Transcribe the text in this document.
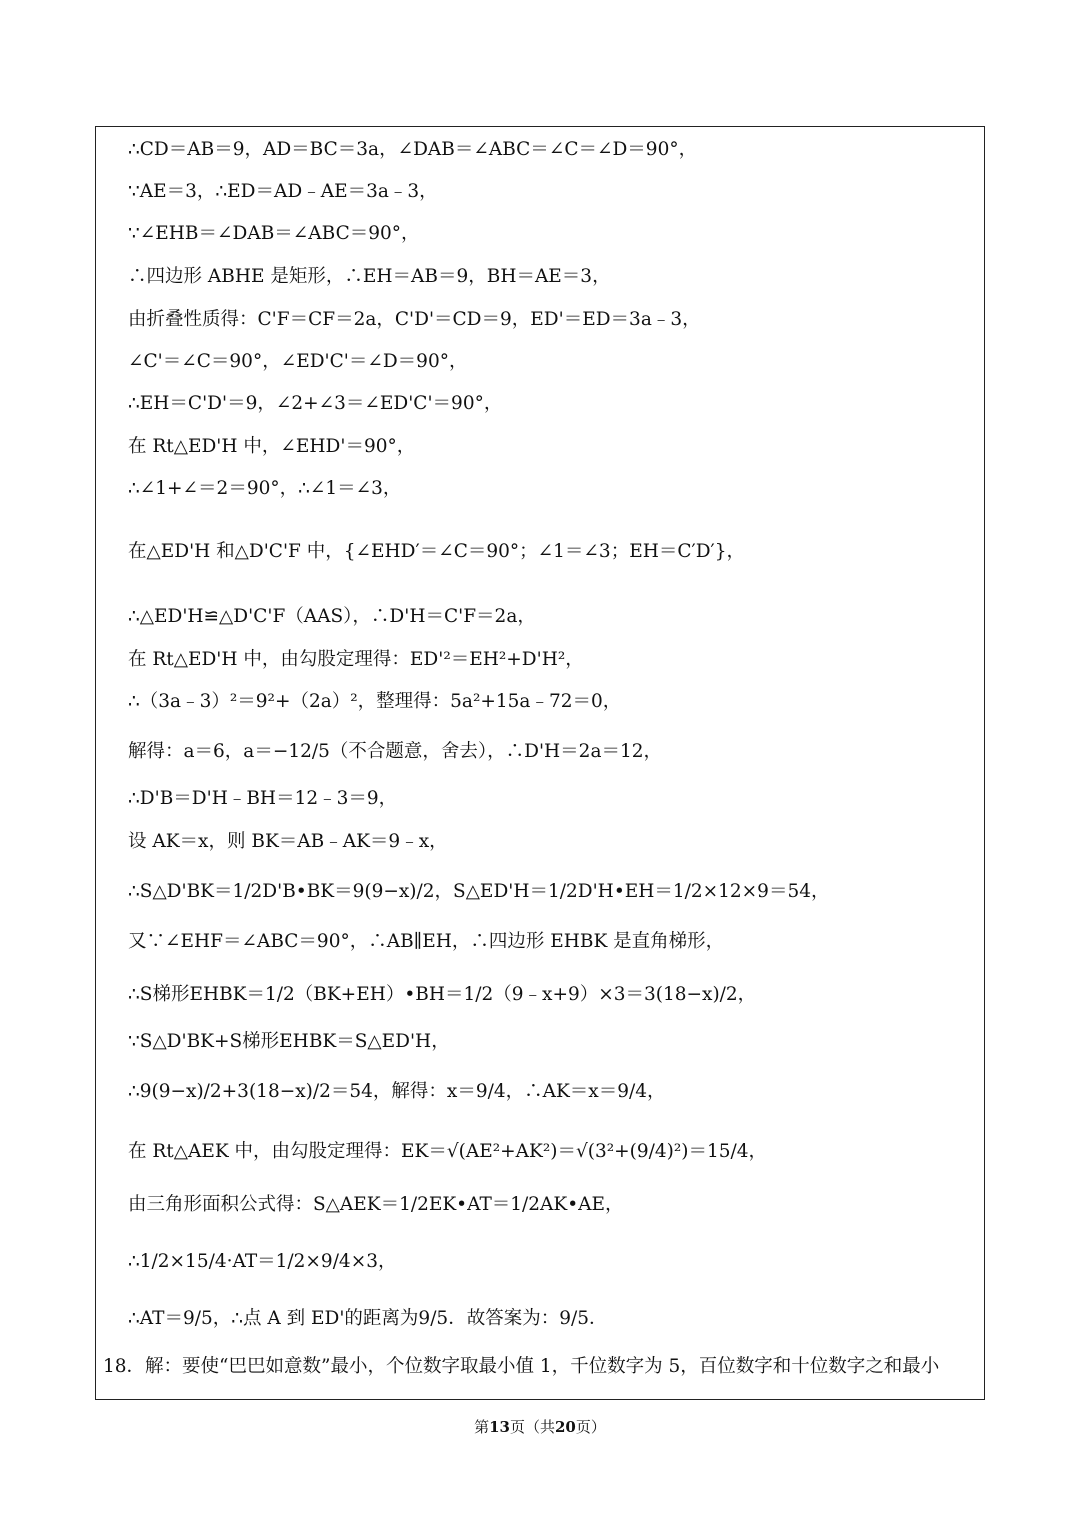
∴CD＝AB＝9，AD＝BC＝3a，∠DAB＝∠ABC＝∠C＝∠D＝90°，
∵AE＝3，∴ED＝AD﹣AE＝3a﹣3，
∵∠EHB＝∠DAB＝∠ABC＝90°，
∴四边形 ABHE 是矩形，∴EH＝AB＝9，BH＝AE＝3，
由折叠性质得：C'F＝CF＝2a，C'D'＝CD＝9，ED'＝ED＝3a﹣3，
∠C'＝∠C＝90°，∠ED'C'＝∠D＝90°，
∴EH＝C'D'＝9，∠2+∠3＝∠ED'C'＝90°，
在 Rt△ED'H 中，∠EHD'＝90°，
∴∠1+∠＝2＝90°，∴∠1＝∠3，
在△ED'H 和△D'C'F 中，{∠EHD′＝∠C＝90°；∠1＝∠3；EH＝C′D′}，
∴△ED'H≌△D'C'F（AAS），∴D'H＝C'F＝2a，
在 Rt△ED'H 中，由勾股定理得：ED'²＝EH²+D'H²，
∴（3a﹣3）²＝9²+（2a）²，整理得：5a²+15a﹣72＝0，
解得：a＝6，a＝−12/5（不合题意，舍去），∴D'H＝2a＝12，
∴D'B＝D'H﹣BH＝12﹣3＝9，
设 AK＝x，则 BK＝AB﹣AK＝9﹣x，
∴S△D'BK＝1/2D'B•BK＝9(9−x)/2，S△ED'H＝1/2D'H•EH＝1/2×12×9＝54，
又∵∠EHF＝∠ABC＝90°，∴AB∥EH，∴四边形 EHBK 是直角梯形，
∴S梯形EHBK＝1/2（BK+EH）•BH＝1/2（9﹣x+9）×3＝3(18−x)/2，
∵S△D'BK+S梯形EHBK＝S△ED'H，
∴9(9−x)/2+3(18−x)/2＝54，解得：x＝9/4，∴AK＝x＝9/4，
在 Rt△AEK 中，由勾股定理得：EK＝√(AE²+AK²)＝√(3²+(9/4)²)＝15/4，
由三角形面积公式得：S△AEK＝1/2EK•AT＝1/2AK•AE，
∴1/2×15/4·AT＝1/2×9/4×3，
∴AT＝9/5，∴点 A 到 ED'的距离为9/5．故答案为：9/5．
18．解：要使“巴巴如意数”最小，个位数字取最小值 1，千位数字为 5，百位数字和十位数字之和最小
第13页（共20页）
